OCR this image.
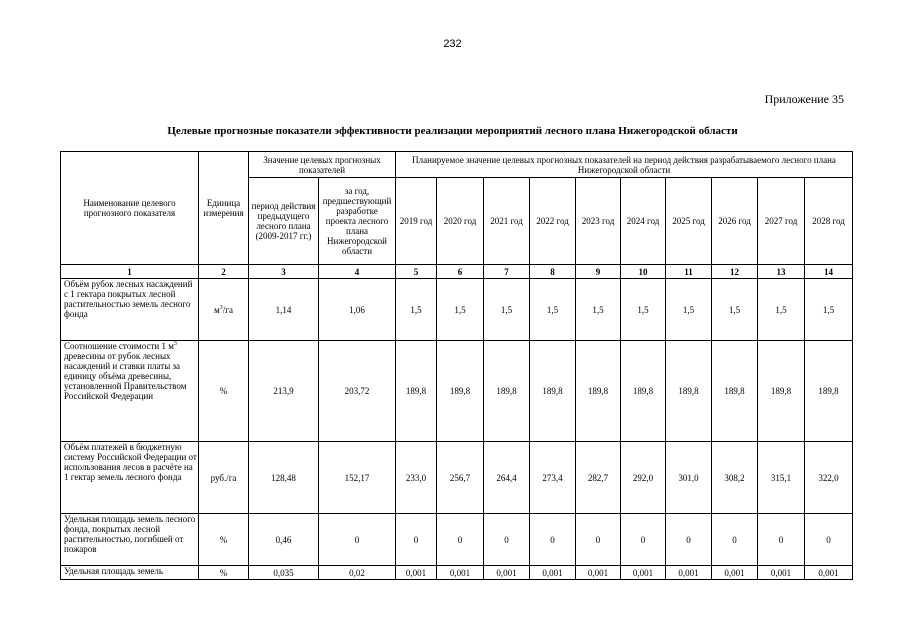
232
Приложение 35
Целевые прогнозные показатели эффективности реализации мероприятий лесного плана Нижегородской области
Наименование целевого прогнозного показателя	Единица измерения	Значение целевых прогнозных показателей		Планируемое значение целевых прогнозных показателей на период действия разрабатываемого лесного плана Нижегородской области									
		период действия предыдущего лесного плана (2009-2017 гг.)	за год, предшествующий разработке проекта лесного плана Нижегородской области	2019 год	2020 год	2021 год	2022 год	2023 год	2024 год	2025 год	2026 год	2027 год	2028 год
1	2	3	4	5	6	7	8	9	10	11	12	13	14
Объём рубок лесных насаждений с 1 гектара покрытых лесной растительностью земель лесного фонда	$м^3/га$	1,14	1,06	1,5	1,5	1,5	1,5	1,5	1,5	1,5	1,5	1,5	1,5
Соотношение стоимости 1 $м^3$ древесины от рубок лесных насаждений и ставки платы за единицу объёма древесины, установленной Правительством Российской Федерации	%	213,9	203,72	189,8	189,8	189,8	189,8	189,8	189,8	189,8	189,8	189,8	189,8
Объём платежей в бюджетную систему Российской Федерации от использования лесов в расчёте на 1 гектар земель лесного фонда	руб./га	128,48	152,17	233,0	256,7	264,4	273,4	282,7	292,0	301,0	308,2	315,1	322,0
Удельная площадь земель лесного фонда, покрытых лесной растительностью, погибшей от пожаров	%	0,46	0	0	0	0	0	0	0	0	0	0	0
Удельная площадь земель	%	0,035	0,02	0,001	0,001	0,001	0,001	0,001	0,001	0,001	0,001	0,001	0,001
